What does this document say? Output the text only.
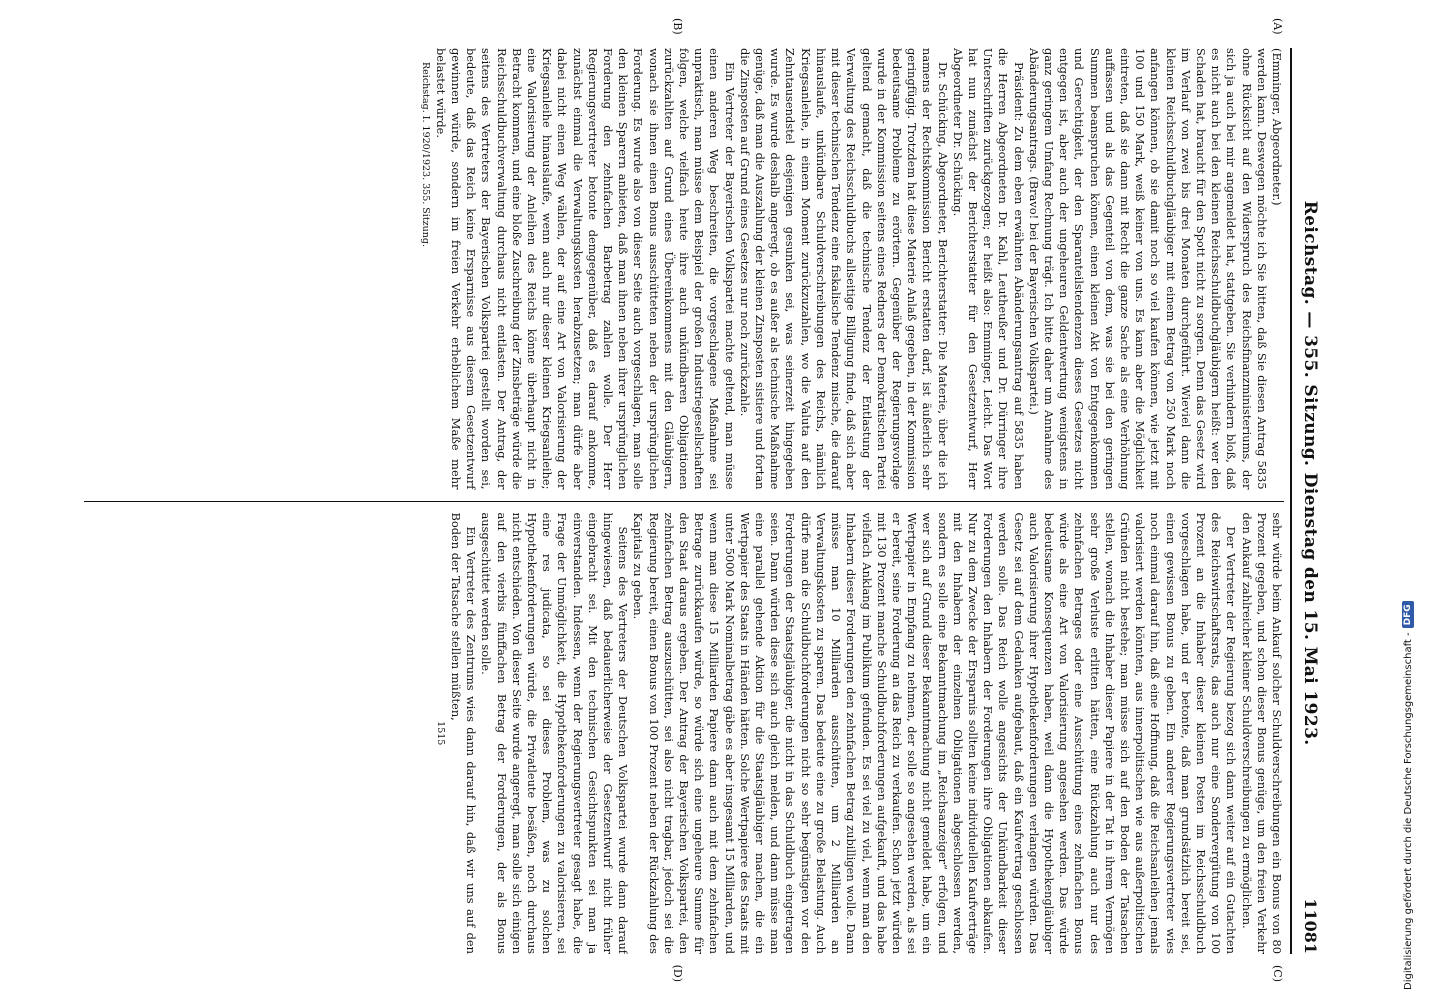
Reichstag. — 355. Sitzung. Dienstag den 15. Mai 1923.
11081
(A)
(B)
(C)
(D)

(Emminger, Abgeordneter.)

werden kann. Deswegen möchte ich Sie bitten, daß Sie diesen Antrag 5835 ohne Rücksicht auf den Widerspruch des Reichsfinanzministeriums, der sich ja auch bei mir angemeldet hat, stattgeben. Sie verhindern bloß, daß es nicht auch bei den kleinen Reichsschuldbuchgläubigern heißt: wer den Schaden hat, braucht für den Spott nicht zu sorgen. Denn das Gesetz wird im Verlauf von zwei bis drei Monaten durchgeführt. Wieviel dann die kleinen Reichsschuldbuchgläubiger mit einem Betrag von 250 Mark noch anfangen können, ob sie damit noch so viel kaufen können, wie jetzt mit 100 und 150 Mark, weiß keiner von uns. Es kann aber die Möglichkeit eintreten, daß sie dann mit Recht die ganze Sache als eine Verhöhnung auffassen und als das Gegenteil von dem, was sie bei den geringen Summen beanspruchen können, einen kleinen Akt von Entgegenkommen und Gerechtigkeit, der den Sparanteilstendenzen dieses Gesetzes nicht entgegen ist, aber auch der ungeheuren Geldentwertung wenigstens in ganz geringem Umfang Rechnung trägt. Ich bitte daher um Annahme des Abänderungsantrags. (Bravo! bei der Bayerischen Volkspartei.)

Präsident: Zu dem eben erwähnten Abänderungsantrag auf 5835 haben die Herren Abgeordneten Dr. Kahl, Leutheußer und Dr. Dürringer ihre Unterschriften zurückgezogen; er heißt also: Emminger, Leicht. Das Wort hat nun zunächst der Berichterstatter für den Gesetzentwurf, Herr Abgeordneter Dr. Schücking.

Dr. Schücking, Abgeordneter, Berichterstatter: Die Materie, über die ich namens der Rechtskommission Bericht erstatten darf, ist äußerlich sehr geringfügig. Trotzdem hat diese Materie Anlaß gegeben, in der Kommission bedeutsame Probleme zu erörtern. Gegenüber der Regierungsvorlage wurde in der Kommission seitens eines Redners der Demokratischen Partei geltend gemacht, daß die technische Tendenz der Entlastung der Verwaltung des Reichsschuldbuchs allseitige Billigung finde, daß sich aber mit dieser technischen Tendenz eine fiskalische Tendenz mische, die darauf hinauslaufe, unkündbare Schuldverschreibungen des Reichs, nämlich Kriegsanleihe, in einem Moment zurückzuzahlen, wo die Valuta auf den Zehntausendstel desjenigen gesunken sei, was seinerzeit hingegeben wurde. Es wurde deshalb angeregt, ob es außer als technische Maßnahme genüge, daß man die Auszahlung der kleinen Zinsposten sistiere und fortan die Zinsposten auf Grund eines Gesetzes nur noch zurückzahle.

Ein Vertreter der Bayerischen Volkspartei machte geltend, man müsse einen anderen Weg beschreiten, die vorgeschlagene Maßnahme sei unpraktisch, man müsse dem Beispiel der großen Industriegesellschaften folgen, welche vielfach heute ihre auch unkündbaren Obligationen zurückzahlten auf Grund eines Übereinkommens mit den Gläubigern, wonach sie ihnen einen Bonus ausschütteten neben der ursprünglichen Forderung. Es wurde also von dieser Seite auch vorgeschlagen, man solle den kleinen Sparern anbieten, daß man ihnen neben ihrer ursprünglichen Forderung den zehnfachen Barbetrag zahlen wolle. Der Herr Regierungsvertreter betonte demgegenüber, daß es darauf ankomme, zunächst einmal die Verwaltungskosten herabzusetzen; man dürfe aber dabei nicht einen Weg wählen, der auf eine Art von Valorisierung der Kriegsanleihe hinauslaufe, wenn auch nur dieser kleinen Kriegsanleihe; eine Valorisierung der Anleihen des Reichs könne überhaupt nicht in Betracht kommen, und eine bloße Zuschreibung der Zinsbeträge würde die Reichsschuldbuchverwaltung durchaus nicht entlasten. Der Antrag, der seitens des Vertreters der Bayerischen Volkspartei gestellt worden sei, bedeute, daß das Reich keine Ersparnisse aus diesem Gesetzentwurf gewinnen würde, sondern im freien Verkehr erheblichem Maße mehr belastet würde.

Reichstag. I. 1920/1923. 355. Sitzung.

sehr würde beim Ankauf solcher Schuldverschreibungen ein Bonus von 80 Prozent gegeben, und schon dieser Bonus genüge, um den freien Verkehr den Ankauf zahlreicher kleiner Schuldverschreibungen zu ermöglichen.

Der Vertreter der Regierung bezog sich dann weiter auf ein Gutachten des Reichswirtschaftsrats, das auch nur eine Sondervergütung von 100 Prozent an die Inhaber dieser kleinen Posten im Reichsschuldbuch vorgeschlagen habe, und er betonte, daß man grundsätzlich bereit sei, einen gewissen Bonus zu geben. Ein anderer Regierungsvertreter wies noch einmal darauf hin, daß eine Hoffnung, daß die Reichsanleihen jemals valorisiert werden könnten, aus innerpolitischen wie aus außerpolitischen Gründen nicht bestehe; man müsse sich auf den Boden der Tatsachen stellen, wonach die Inhaber dieser Papiere in der Tat in ihrem Vermögen sehr große Verluste erlitten hätten, eine Rückzahlung auch nur des zehnfachen Betrages oder eine Ausschüttung eines zehnfachen Bonus würde als eine Art von Valorisierung angesehen werden. Das würde bedeutsame Konsequenzen haben, weil dann die Hypothekengläubiger auch Valorisierung ihrer Hypothekenforderungen verlangen würden. Das Gesetz sei auf dem Gedanken aufgebaut, daß ein Kaufvertrag geschlossen werden solle. Das Reich wolle angesichts der Unkündbarkeit dieser Forderungen den Inhabern der Forderungen ihre Obligationen abkaufen. Nur zu dem Zwecke der Ersparnis sollten keine individuellen Kaufverträge mit den Inhabern der einzelnen Obligationen abgeschlossen werden, sondern es solle eine Bekanntmachung im „Reichsanzeiger“ erfolgen, und wer sich auf Grund dieser Bekanntmachung nicht gemeldet habe, um ein Wertpapier in Empfang zu nehmen, der solle so angesehen werden, als sei er bereit, seine Forderung an das Reich zu verkaufen. Schon jetzt würden mit 130 Prozent manche Schuldbuchforderungen aufgekauft, und das habe vielfach Anklang im Publikum gefunden. Es sei viel zu viel, wenn man den Inhabern dieser Forderungen den zehnfachen Betrag zubilligen wolle. Dann müsse man 10 Milliarden ausschütten, um 2 Milliarden an Verwaltungskosten zu sparen. Das bedeute eine zu große Belastung. Auch dürfe man die Schuldbuchforderungen nicht so sehr begünstigen vor den Forderungen der Staatsgläubiger, die nicht in das Schuldbuch eingetragen seien. Dann würden diese sich auch gleich melden, und dann müsse man eine parallel gehende Aktion für die Staatsgläubiger machen, die ein Wertpapier des Staats in Händen hätten. Solche Wertpapiere des Staats mit unter 5000 Mark Nominalbetrag gäbe es aber insgesamt 15 Milliarden, und wenn man diese 15 Milliarden Papiere dann auch mit dem zehnfachen Betrage zurückkaufen würde, so würde sich eine ungeheure Summe für den Staat daraus ergeben. Der Antrag der Bayerischen Volkspartei, den zehnfachen Betrag auszuschütten, sei also nicht tragbar, jedoch sei die Regierung bereit, einen Bonus von 100 Prozent neben der Rückzahlung des Kapitals zu geben.

Seitens des Vertreters der Deutschen Volkspartei wurde dann darauf hingewiesen, daß bedauerlicherweise der Gesetzentwurf nicht früher eingebracht sei. Mit den technischen Gesichtspunkten sei man ja einverstanden. Indessen, wenn der Regierungsvertreter gesagt habe, die Frage der Unmöglichkeit, die Hypothekenforderungen zu valorisieren, sei eine res judicata, so sei dieses Problem, was zu solchen Hypothekenforderungen würde, die Privatleute besäßen, noch durchaus nicht entschieden. Von dieser Seite wurde angeregt, man solle sich einigen auf den vierbis fünffachen Betrag der Forderungen, der als Bonus ausgeschüttet werden solle.

Ein Vertreter des Zentrums wies dann darauf hin, daß wir uns auf den Boden der Tatsache stellen müßten,

1515	Digitalisierung gefördert durch die Deutsche Forschungsgemeinschaft -
DFG
